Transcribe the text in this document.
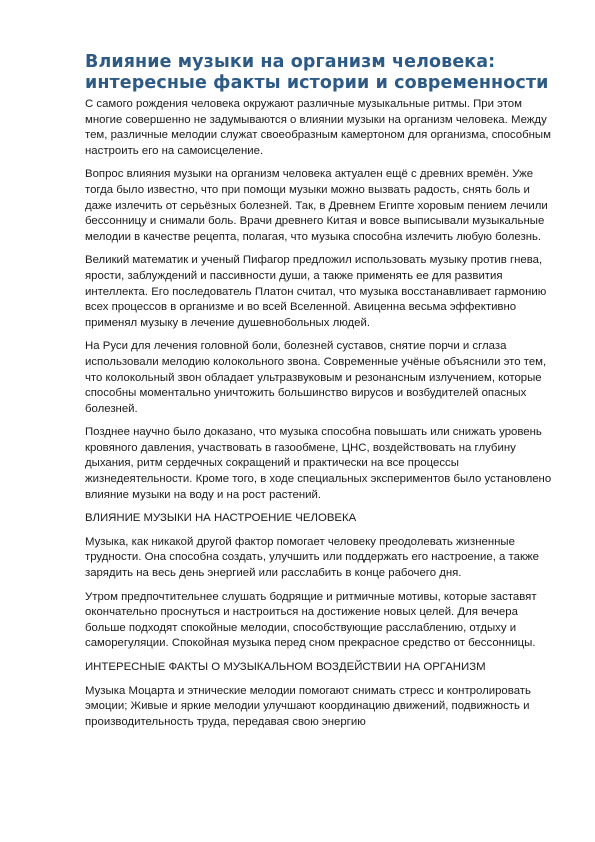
Влияние музыки на организм человека: интересные факты истории и современности

С самого рождения человека окружают различные музыкальные ритмы. При этом многие совершенно не задумываются о влиянии музыки на организм человека. Между тем, различные мелодии служат своеобразным камертоном для организма, способным настроить его на самоисцеление.

Вопрос влияния музыки на организм человека актуален ещё с древних времён. Уже тогда было известно, что при помощи музыки можно вызвать радость, снять боль и даже излечить от серьёзных болезней. Так, в Древнем Египте хоровым пением лечили бессонницу и снимали боль. Врачи древнего Китая и вовсе выписывали музыкальные мелодии в качестве рецепта, полагая, что музыка способна излечить любую болезнь.

Великий математик и ученый Пифагор предложил использовать музыку против гнева, ярости, заблуждений и пассивности души, а также применять ее для развития интеллекта. Его последователь Платон считал, что музыка восстанавливает гармонию всех процессов в организме и во всей Вселенной. Авиценна весьма эффективно применял музыку в лечение душевнобольных людей.

На Руси для лечения головной боли, болезней суставов, снятие порчи и сглаза использовали мелодию колокольного звона. Современные учёные объяснили это тем, что колокольный звон обладает ультразвуковым и резонансным излучением, которые способны моментально уничтожить большинство вирусов и возбудителей опасных болезней.

Позднее научно было доказано, что музыка способна повышать или снижать уровень кровяного давления, участвовать в газообмене, ЦНС, воздействовать на глубину дыхания, ритм сердечных сокращений и практически на все процессы жизнедеятельности. Кроме того, в ходе специальных экспериментов было установлено влияние музыки на воду и на рост растений.

ВЛИЯНИЕ МУЗЫКИ НА НАСТРОЕНИЕ ЧЕЛОВЕКА

Музыка, как никакой другой фактор помогает человеку преодолевать жизненные трудности. Она способна создать, улучшить или поддержать его настроение, а также зарядить на весь день энергией или расслабить в конце рабочего дня.

Утром предпочтительнее слушать бодрящие и ритмичные мотивы, которые заставят окончательно проснуться и настроиться на достижение новых целей. Для вечера больше подходят спокойные мелодии, способствующие расслаблению, отдыху и саморегуляции. Спокойная музыка перед сном прекрасное средство от бессонницы.

ИНТЕРЕСНЫЕ ФАКТЫ О МУЗЫКАЛЬНОМ ВОЗДЕЙСТВИИ НА ОРГАНИЗМ

Музыка Моцарта и этнические мелодии помогают снимать стресс и контролировать эмоции; Живые и яркие мелодии улучшают координацию движений, подвижность и производительность труда, передавая свою энергию
